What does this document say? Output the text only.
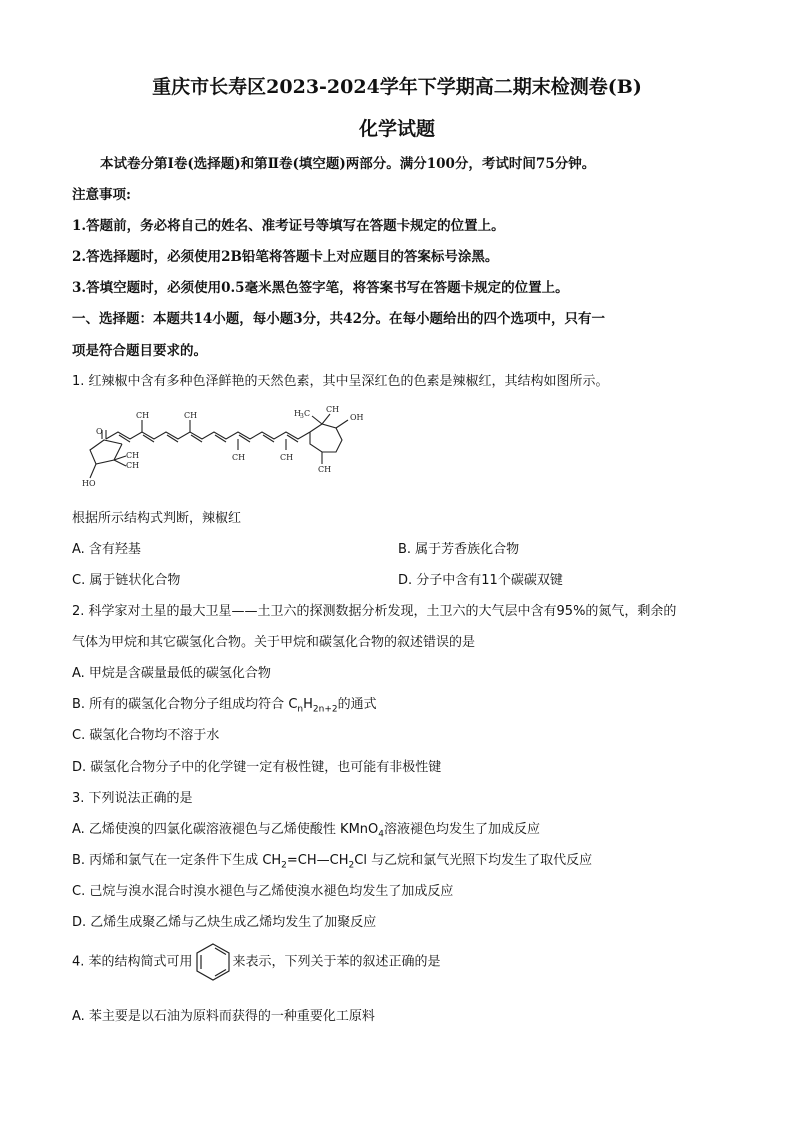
重庆市长寿区2023-2024学年下学期高二期末检测卷(B)
化学试题
本试卷分第Ⅰ卷(选择题)和第Ⅱ卷(填空题)两部分。满分100分，考试时间75分钟。
注意事项:
1.答题前，务必将自己的姓名、准考证号等填写在答题卡规定的位置上。
2.答选择题时，必须使用2B铅笔将答题卡上对应题目的答案标号涂黑。
3.答填空题时，必须使用0.5毫米黑色签字笔，将答案书写在答题卡规定的位置上。
一、选择题：本题共14小题，每小题3分，共42分。在每小题给出的四个选项中，只有一
项是符合题目要求的。
1. 红辣椒中含有多种色泽鲜艳的天然色素，其中呈深红色的色素是辣椒红，其结构如图所示。
O
HO
OH
CH
CH
CH	CH
CH	CH
H 3 C CH
CH
根据所示结构式判断，辣椒红
A. 含有羟基	B. 属于芳香族化合物
C. 属于链状化合物	D. 分子中含有11个碳碳双键
2. 科学家对土星的最大卫星——土卫六的探测数据分析发现，土卫六的大气层中含有95%的氮气，剩余的
气体为甲烷和其它碳氢化合物。关于甲烷和碳氢化合物的叙述错误的是
A. 甲烷是含碳量最低的碳氢化合物
B. 所有的碳氢化合物分子组成均符合 $C_nH_{2n+2}$的通式
C. 碳氢化合物均不溶于水
D. 碳氢化合物分子中的化学键一定有极性键，也可能有非极性键
3. 下列说法正确的是
A. 乙烯使溴的四氯化碳溶液褪色与乙烯使酸性 KMnO$_4$溶液褪色均发生了加成反应
B. 丙烯和氯气在一定条件下生成 $CH_2=CH—CH_2Cl$ 与乙烷和氯气光照下均发生了取代反应
C. 己烷与溴水混合时溴水褪色与乙烯使溴水褪色均发生了加成反应
D. 乙烯生成聚乙烯与乙炔生成乙烯均发生了加聚反应
4. 苯的结构简式可用	来表示，下列关于苯的叙述正确的是
A. 苯主要是以石油为原料而获得的一种重要化工原料
